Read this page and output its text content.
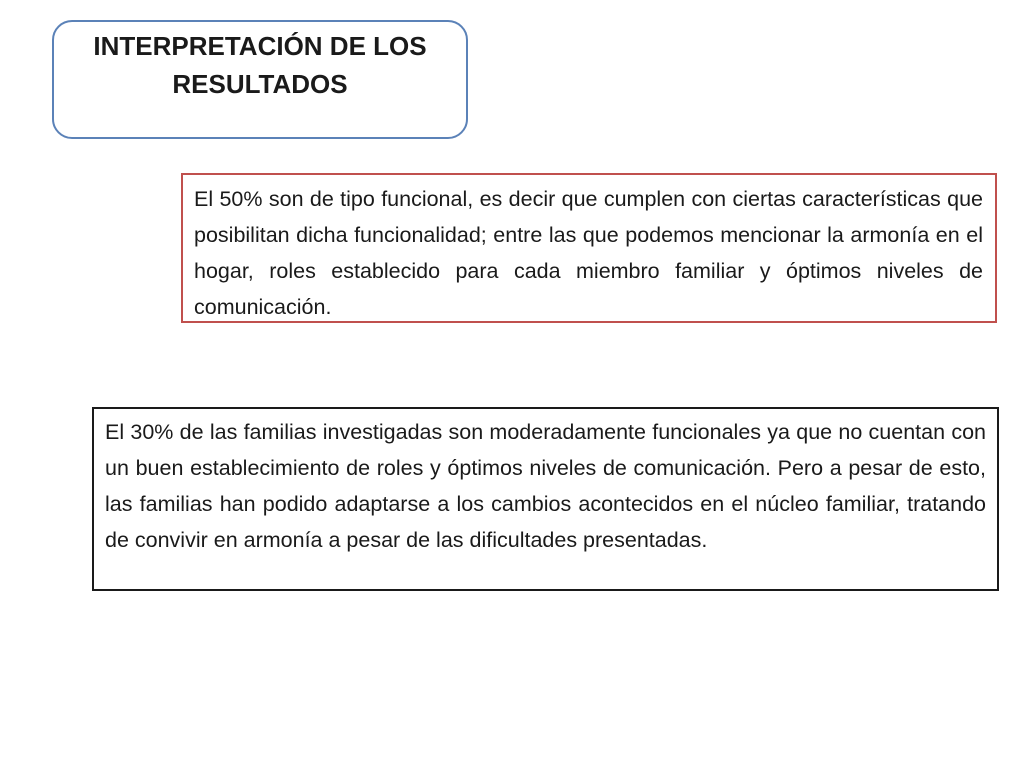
INTERPRETACIÓN DE LOS RESULTADOS

El 50% son de tipo funcional, es decir que cumplen con ciertas características que posibilitan dicha funcionalidad; entre las que podemos mencionar la armonía en el hogar, roles establecido para cada miembro familiar y óptimos niveles de comunicación.

El 30% de las familias investigadas son moderadamente funcionales ya que no cuentan con un buen establecimiento de roles y óptimos niveles de comunicación. Pero a pesar de esto, las familias han podido adaptarse a los cambios acontecidos en el núcleo familiar, tratando de convivir en armonía a pesar de las dificultades presentadas.
